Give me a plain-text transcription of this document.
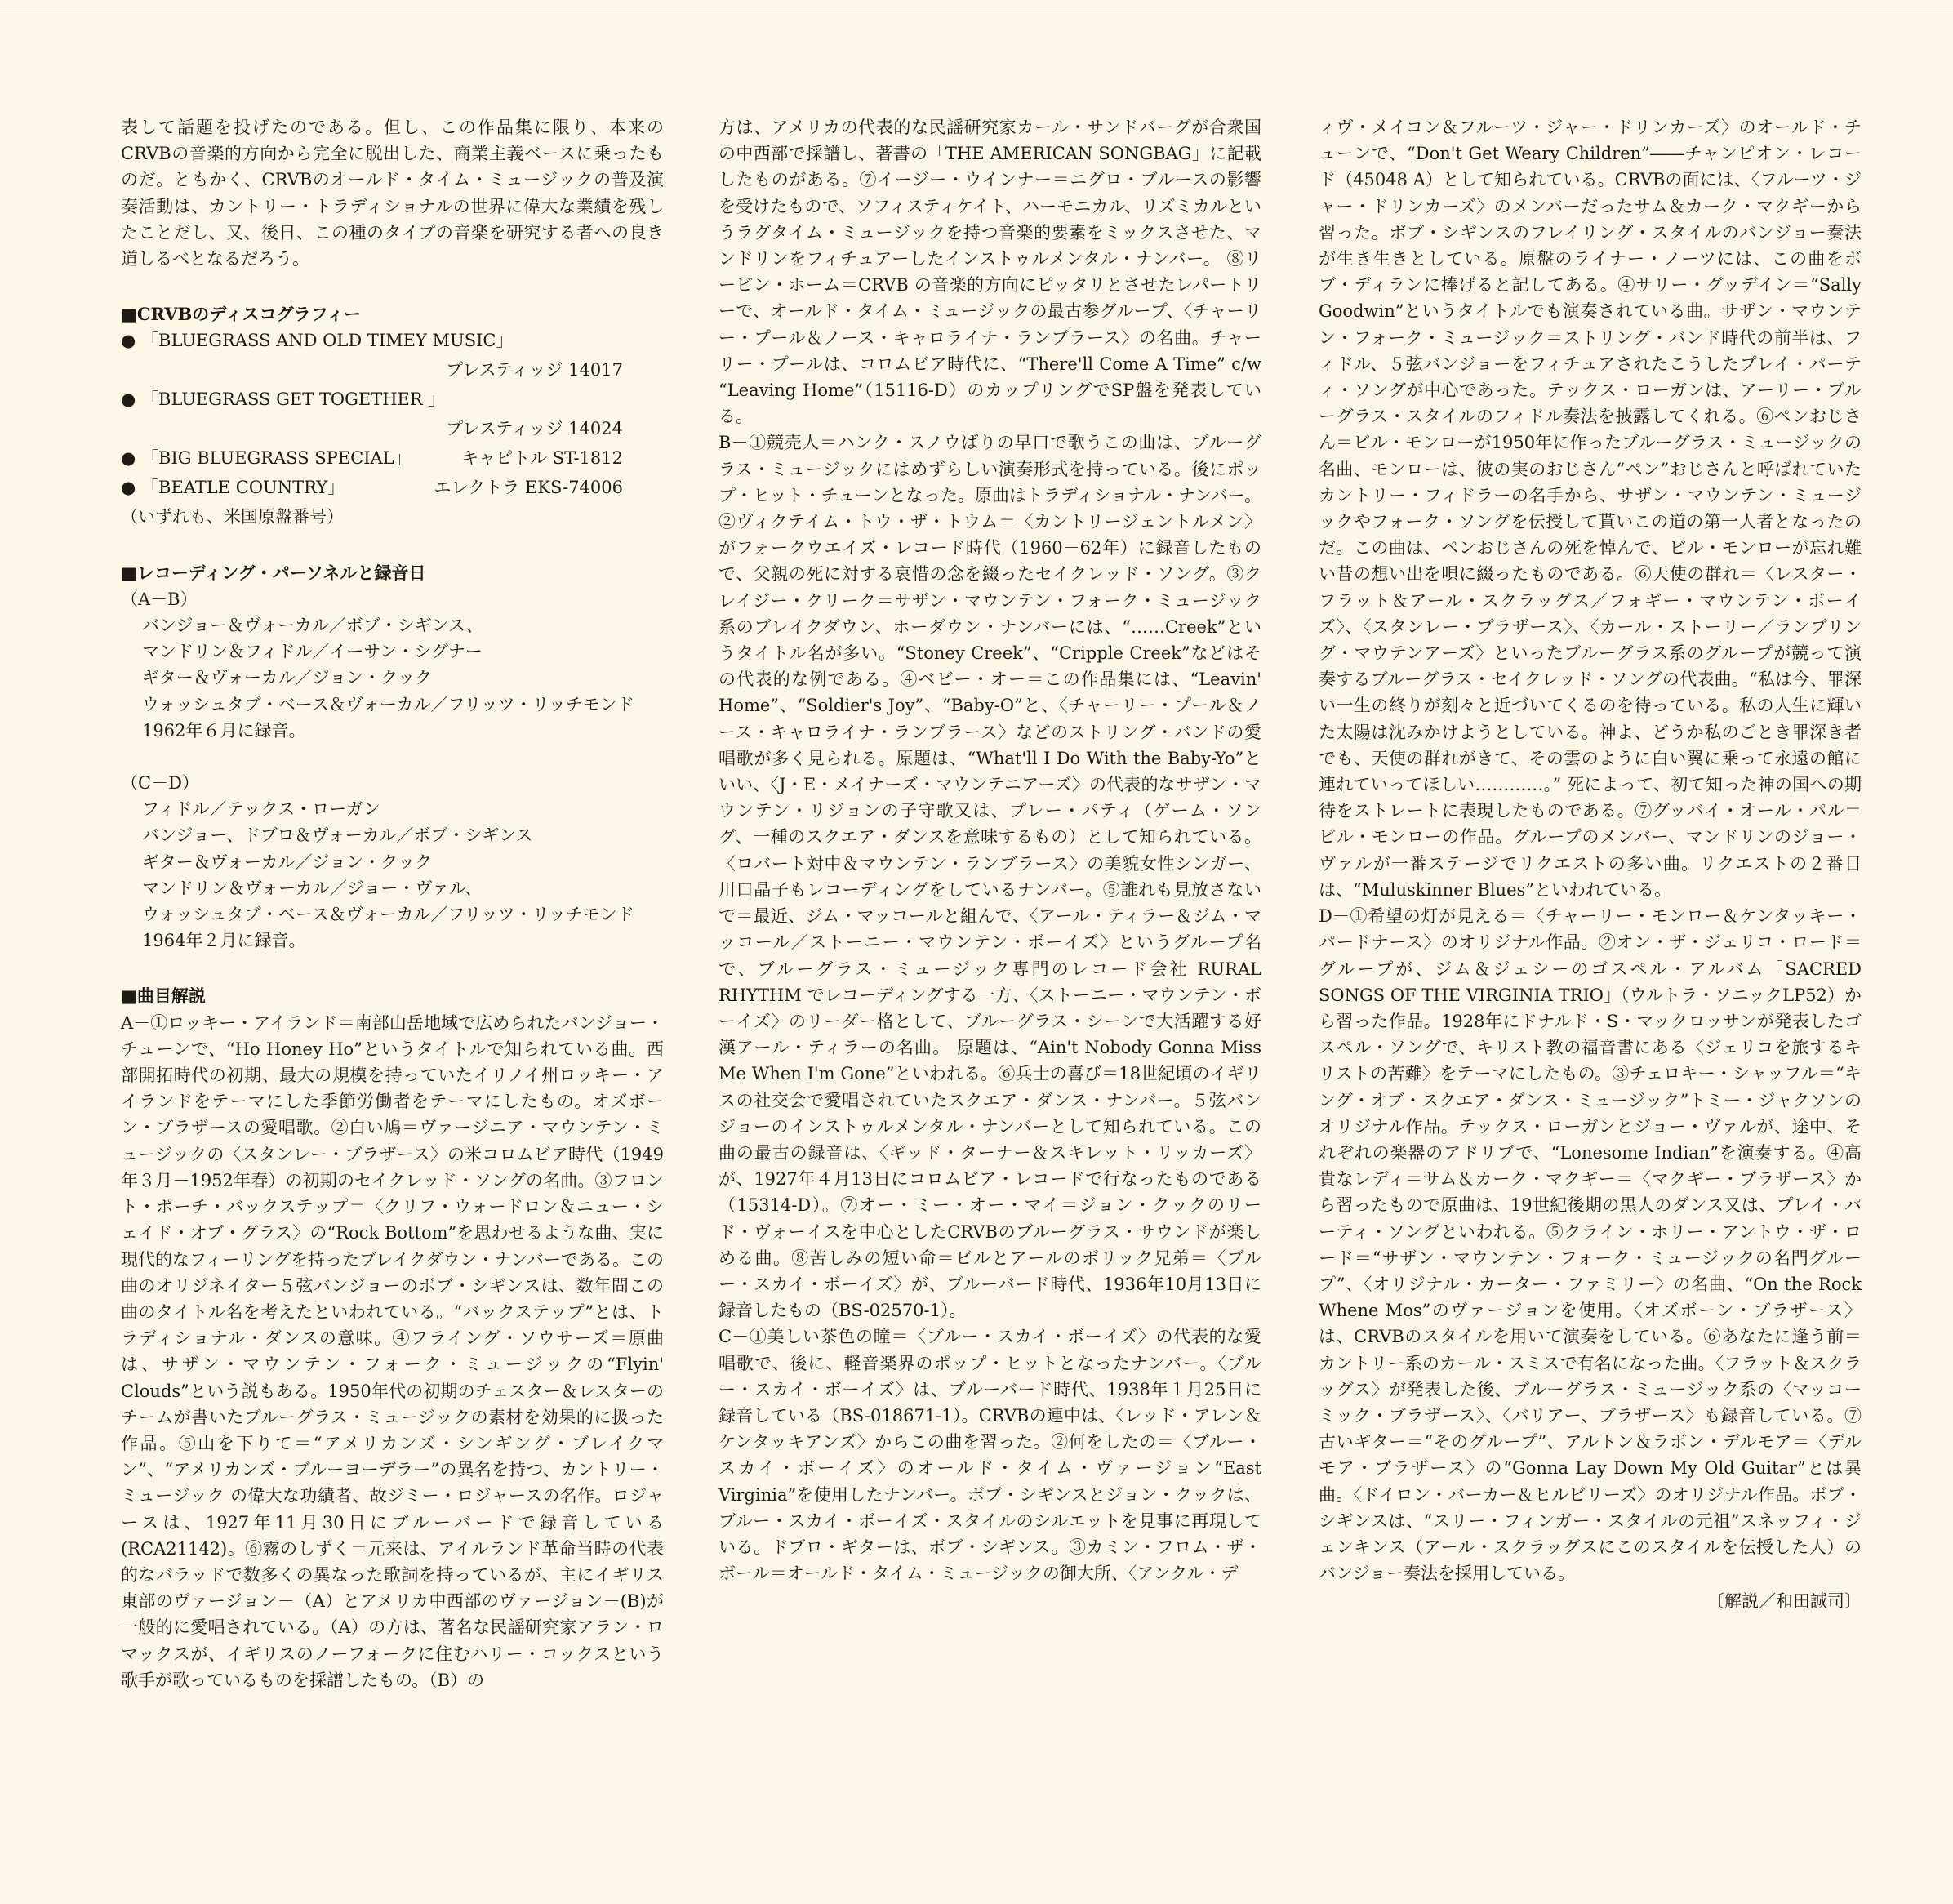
表して話題を投げたのである。但し、この作品集に限り、本来のCRVBの音楽的方向から完全に脱出した、商業主義ベースに乗ったものだ。ともかく、CRVBのオールド・タイム・ミュージックの普及演奏活動は、カントリー・トラディショナルの世界に偉大な業績を残したことだし、又、後日、この種のタイプの音楽を研究する者への良き道しるべとなるだろう。

■CRVBのディスコグラフィー

● 「BLUEGRASS AND OLD TIMEY MUSIC」
プレスティッジ 14017
● 「BLUEGRASS GET TOGETHER 」
プレスティッジ 14024
● 「BIG BLUEGRASS SPECIAL」	キャピトル ST-1812
● 「BEATLE COUNTRY」	エレクトラ EKS-74006

（いずれも、米国原盤番号）

■レコーディング・パーソネルと録音日

（A－B）

バンジョー＆ヴォーカル／ボブ・シギンス、

マンドリン＆フィドル／イーサン・シグナー

ギター＆ヴォーカル／ジョン・クック

ウォッシュタブ・ベース＆ヴォーカル／フリッツ・リッチモンド

1962年６月に録音。

（C－D）

フィドル／テックス・ローガン

バンジョー、ドブロ＆ヴォーカル／ボブ・シギンス

ギター＆ヴォーカル／ジョン・クック

マンドリン＆ヴォーカル／ジョー・ヴァル、

ウォッシュタブ・ベース＆ヴォーカル／フリッツ・リッチモンド

1964年２月に録音。

■曲目解説

A－①ロッキー・アイランド＝南部山岳地域で広められたバンジョー・チューンで、“Ho Honey Ho”というタイトルで知られている曲。西部開拓時代の初期、最大の規模を持っていたイリノイ州ロッキー・アイランドをテーマにした季節労働者をテーマにしたもの。オズボーン・ブラザースの愛唱歌。②白い鳩＝ヴァージニア・マウンテン・ミュージックの〈スタンレー・ブラザース〉の米コロムビア時代（1949年３月－1952年春）の初期のセイクレッド・ソングの名曲。③フロント・ポーチ・バックステップ＝〈クリフ・ウォードロン＆ニュー・シェイド・オブ・グラス〉の“Rock Bottom”を思わせるような曲、実に現代的なフィーリングを持ったブレイクダウン・ナンバーである。この曲のオリジネイター５弦バンジョーのボブ・シギンスは、数年間この曲のタイトル名を考えたといわれている。“バックステップ”とは、トラディショナル・ダンスの意味。④フライング・ソウサーズ＝原曲は、サザン・マウンテン・フォーク・ミュージックの“Flyin' Clouds”という説もある。1950年代の初期のチェスター＆レスターのチームが書いたブルーグラス・ミュージックの素材を効果的に扱った作品。⑤山を下りて＝“アメリカンズ・シンギング・ブレイクマン”、“アメリカンズ・ブルーヨーデラー”の異名を持つ、カントリー・ミュージック の偉大な功績者、故ジミー・ロジャースの名作。ロジャースは、1927年11月30日にブルーバードで録音している(RCA21142)。⑥霧のしずく＝元来は、アイルランド革命当時の代表的なバラッドで数多くの異なった歌詞を持っているが、主にイギリス東部のヴァージョン－（A）とアメリカ中西部のヴァージョン－(B)が一般的に愛唱されている。（A）の方は、著名な民謡研究家アラン・ロマックスが、イギリスのノーフォークに住むハリー・コックスという歌手が歌っているものを採譜したもの。（B）の

方は、アメリカの代表的な民謡研究家カール・サンドバーグが合衆国の中西部で採譜し、著書の「THE AMERICAN SONGBAG」に記載したものがある。⑦イージー・ウインナー＝ニグロ・ブルースの影響を受けたもので、ソフィスティケイト、ハーモニカル、リズミカルというラグタイム・ミュージックを持つ音楽的要素をミックスさせた、マンドリンをフィチュアーしたインストゥルメンタル・ナンバー。 ⑧リービン・ホーム＝CRVB の音楽的方向にピッタリとさせたレパートリーで、オールド・タイム・ミュージックの最古参グループ、〈チャーリー・プール＆ノース・キャロライナ・ランブラース〉の名曲。チャーリー・プールは、コロムビア時代に、“There'll Come A Time” c/w “Leaving Home”（15116-D）のカップリングでSP盤を発表している。

B－①競売人＝ハンク・スノウばりの早口で歌うこの曲は、ブルーグラス・ミュージックにはめずらしい演奏形式を持っている。後にポップ・ヒット・チューンとなった。原曲はトラディショナル・ナンバー。②ヴィクテイム・トウ・ザ・トウム＝〈カントリージェントルメン〉がフォークウエイズ・レコード時代（1960－62年）に録音したもので、父親の死に対する哀惜の念を綴ったセイクレッド・ソング。③クレイジー・クリーク＝サザン・マウンテン・フォーク・ミュージック系のブレイクダウン、ホーダウン・ナンバーには、“……Creek”というタイトル名が多い。“Stoney Creek”、“Cripple Creek”などはその代表的な例である。④ベビー・オー＝この作品集には、“Leavin' Home”、“Soldier's Joy”、“Baby-O”と、〈チャーリー・プール＆ノース・キャロライナ・ランブラース〉などのストリング・バンドの愛唱歌が多く見られる。原題は、“What'll I Do With the Baby-Yo”といい、〈J・E・メイナーズ・マウンテニアーズ〉の代表的なサザン・マウンテン・リジョンの子守歌又は、プレー・パティ（ゲーム・ソング、一種のスクエア・ダンスを意味するもの）として知られている。〈ロバート対中＆マウンテン・ランブラース〉の美貌女性シンガー、川口晶子もレコーディングをしているナンバー。⑤誰れも見放さないで＝最近、ジム・マッコールと組んで、〈アール・ティラー＆ジム・マッコール／ストーニー・マウンテン・ボーイズ〉というグループ名で、ブルーグラス・ミュージック専門のレコード会社 RURAL RHYTHM でレコーディングする一方、〈ストーニー・マウンテン・ボーイズ〉のリーダー格として、ブルーグラス・シーンで大活躍する好漢アール・ティラーの名曲。 原題は、“Ain't Nobody Gonna Miss Me When I'm Gone”といわれる。⑥兵士の喜び＝18世紀頃のイギリスの社交会で愛唱されていたスクエア・ダンス・ナンバー。５弦バンジョーのインストゥルメンタル・ナンバーとして知られている。この曲の最古の録音は、〈ギッド・ターナー＆スキレット・リッカーズ〉が、1927年４月13日にコロムビア・レコードで行なったものである（15314-D）。⑦オー・ミー・オー・マイ＝ジョン・クックのリード・ヴォーイスを中心としたCRVBのブルーグラス・サウンドが楽しめる曲。⑧苦しみの短い命＝ビルとアールのボリック兄弟＝〈ブルー・スカイ・ボーイズ〉が、ブルーバード時代、1936年10月13日に録音したもの（BS-02570-1）。

C－①美しい茶色の瞳＝〈ブルー・スカイ・ボーイズ〉の代表的な愛唱歌で、後に、軽音楽界のポップ・ヒットとなったナンバー。〈ブルー・スカイ・ボーイズ〉は、ブルーバード時代、1938年１月25日に録音している（BS-018671-1）。CRVBの連中は、〈レッド・アレン＆ケンタッキアンズ〉からこの曲を習った。②何をしたの＝〈ブルー・スカイ・ボーイズ〉のオールド・タイム・ヴァージョン“East Virginia”を使用したナンバー。ボブ・シギンスとジョン・クックは、ブルー・スカイ・ボーイズ・スタイルのシルエットを見事に再現している。ドブロ・ギターは、ボブ・シギンス。③カミン・フロム・ザ・ボール＝オールド・タイム・ミュージックの御大所、〈アンクル・デ

ィヴ・メイコン＆フルーツ・ジャー・ドリンカーズ〉のオールド・チューンで、“Don't Get Weary Children”――チャンピオン・レコード（45048 A）として知られている。CRVBの面には、〈フルーツ・ジャー・ドリンカーズ〉のメンバーだったサム＆カーク・マクギーから習った。ボブ・シギンスのフレイリング・スタイルのバンジョー奏法が生き生きとしている。原盤のライナー・ノーツには、この曲をボブ・ディランに捧げると記してある。④サリー・グッデイン＝“Sally Goodwin”というタイトルでも演奏されている曲。サザン・マウンテン・フォーク・ミュージック＝ストリング・バンド時代の前半は、フィドル、５弦バンジョーをフィチュアされたこうしたプレイ・パーティ・ソングが中心であった。テックス・ローガンは、アーリー・ブルーグラス・スタイルのフィドル奏法を披露してくれる。⑥ペンおじさん＝ビル・モンローが1950年に作ったブルーグラス・ミュージックの名曲、モンローは、彼の実のおじさん“ペン”おじさんと呼ばれていたカントリー・フィドラーの名手から、サザン・マウンテン・ミュージックやフォーク・ソングを伝授して貰いこの道の第一人者となったのだ。この曲は、ペンおじさんの死を悼んで、ビル・モンローが忘れ難い昔の想い出を唄に綴ったものである。⑥天使の群れ＝〈レスター・フラット＆アール・スクラッグス／フォギー・マウンテン・ボーイズ〉、〈スタンレー・ブラザース〉、〈カール・ストーリー／ランブリング・マウテンアーズ〉といったブルーグラス系のグループが競って演奏するブルーグラス・セイクレッド・ソングの代表曲。“私は今、罪深い一生の終りが刻々と近づいてくるのを待っている。私の人生に輝いた太陽は沈みかけようとしている。神よ、どうか私のごとき罪深き者でも、天使の群れがきて、その雲のように白い翼に乗って永遠の館に連れていってほしい…………。” 死によって、初て知った神の国への期待をストレートに表現したものである。⑦グッバイ・オール・パル＝ビル・モンローの作品。グループのメンバー、マンドリンのジョー・ヴァルが一番ステージでリクエストの多い曲。リクエストの２番目は、“Muluskinner Blues”といわれている。

D－①希望の灯が見える＝〈チャーリー・モンロー＆ケンタッキー・パードナース〉のオリジナル作品。②オン・ザ・ジェリコ・ロード＝グループが、ジム＆ジェシーのゴスペル・アルバム「SACRED SONGS OF THE VIRGINIA TRIO」（ウルトラ・ソニックLP52）から習った作品。1928年にドナルド・S・マックロッサンが発表したゴスペル・ソングで、キリスト教の福音書にある〈ジェリコを旅するキリストの苦難〉をテーマにしたもの。③チェロキー・シャッフル＝“キング・オブ・スクエア・ダンス・ミュージック”トミー・ジャクソンのオリジナル作品。テックス・ローガンとジョー・ヴァルが、途中、それぞれの楽器のアドリブで、“Lonesome Indian”を演奏する。④高貴なレディ＝サム＆カーク・マクギー＝〈マクギー・ブラザース〉から習ったもので原曲は、19世紀後期の黒人のダンス又は、プレイ・パーティ・ソングといわれる。⑤クライン・ホリー・アントウ・ザ・ロード＝“サザン・マウンテン・フォーク・ミュージックの名門グループ”、〈オリジナル・カーター・ファミリー〉の名曲、“On the Rock Whene Mos”のヴァージョンを使用。〈オズボーン・ブラザース〉は、CRVBのスタイルを用いて演奏をしている。⑥あなたに逢う前＝カントリー系のカール・スミスで有名になった曲。〈フラット＆スクラッグス〉が発表した後、ブルーグラス・ミュージック系の〈マッコーミック・ブラザース〉、〈バリアー、ブラザース〉も録音している。⑦古いギター＝“そのグループ”、アルトン＆ラボン・デルモア＝〈デルモア・ブラザース〉の“Gonna Lay Down My Old Guitar”とは異曲。〈ドイロン・バーカー＆ヒルビリーズ〉のオリジナル作品。ボブ・シギンスは、“スリー・フィンガー・スタイルの元祖”スネッフィ・ジェンキンス（アール・スクラッグスにこのスタイルを伝授した人）のバンジョー奏法を採用している。

〔解説／和田誠司〕
